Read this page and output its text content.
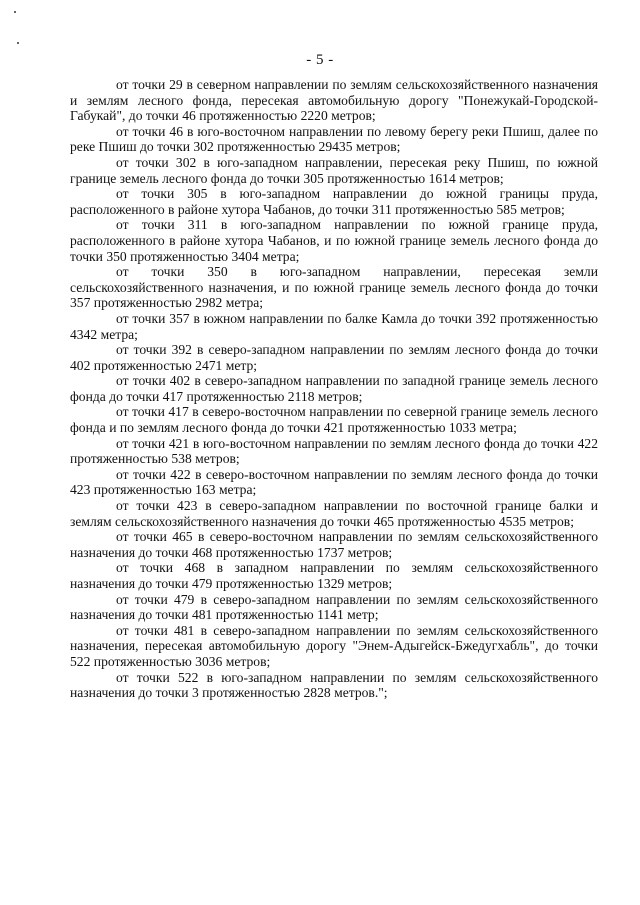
- 5 -

от точки 29 в северном направлении по землям сельскохозяйственного назначения и землям лесного фонда, пересекая автомобильную дорогу "Понежукай-Городской-Габукай", до точки 46 протяженностью 2220 метров;

от точки 46 в юго-восточном направлении по левому берегу реки Пшиш, далее по реке Пшиш до точки 302 протяженностью 29435 метров;

от точки 302 в юго-западном направлении, пересекая реку Пшиш, по южной границе земель лесного фонда до точки 305 протяженностью 1614 метров;

от точки 305 в юго-западном направлении до южной границы пруда, расположенного в районе хутора Чабанов, до точки 311 протяженностью 585 метров;

от точки 311 в юго-западном направлении по южной границе пруда, расположенного в районе хутора Чабанов, и по южной границе земель лесного фонда до точки 350 протяженностью 3404 метра;

от точки 350 в юго-западном направлении, пересекая земли сельскохозяйственного назначения, и по южной границе земель лесного фонда до точки 357 протяженностью 2982 метра;

от точки 357 в южном направлении по балке Камла до точки 392 протяженностью 4342 метра;

от точки 392 в северо-западном направлении по землям лесного фонда до точки 402 протяженностью 2471 метр;

от точки 402 в северо-западном направлении по западной границе земель лесного фонда до точки 417 протяженностью 2118 метров;

от точки 417 в северо-восточном направлении по северной границе земель лесного фонда и по землям лесного фонда до точки 421 протяженностью 1033 метра;

от точки 421 в юго-восточном направлении по землям лесного фонда до точки 422 протяженностью 538 метров;

от точки 422 в северо-восточном направлении по землям лесного фонда до точки 423 протяженностью 163 метра;

от точки 423 в северо-западном направлении по восточной границе балки и землям сельскохозяйственного назначения до точки 465 протяженностью 4535 метров;

от точки 465 в северо-восточном направлении по землям сельскохозяйственного назначения до точки 468 протяженностью 1737 метров;

от точки 468 в западном направлении по землям сельскохозяйственного назначения до точки 479 протяженностью 1329 метров;

от точки 479 в северо-западном направлении по землям сельскохозяйственного назначения до точки 481 протяженностью 1141 метр;

от точки 481 в северо-западном направлении по землям сельскохозяйственного назначения, пересекая автомобильную дорогу "Энем-Адыгейск-Бжедугхабль", до точки 522 протяженностью 3036 метров;

от точки 522 в юго-западном направлении по землям сельскохозяйственного назначения до точки 3 протяженностью 2828 метров.";
